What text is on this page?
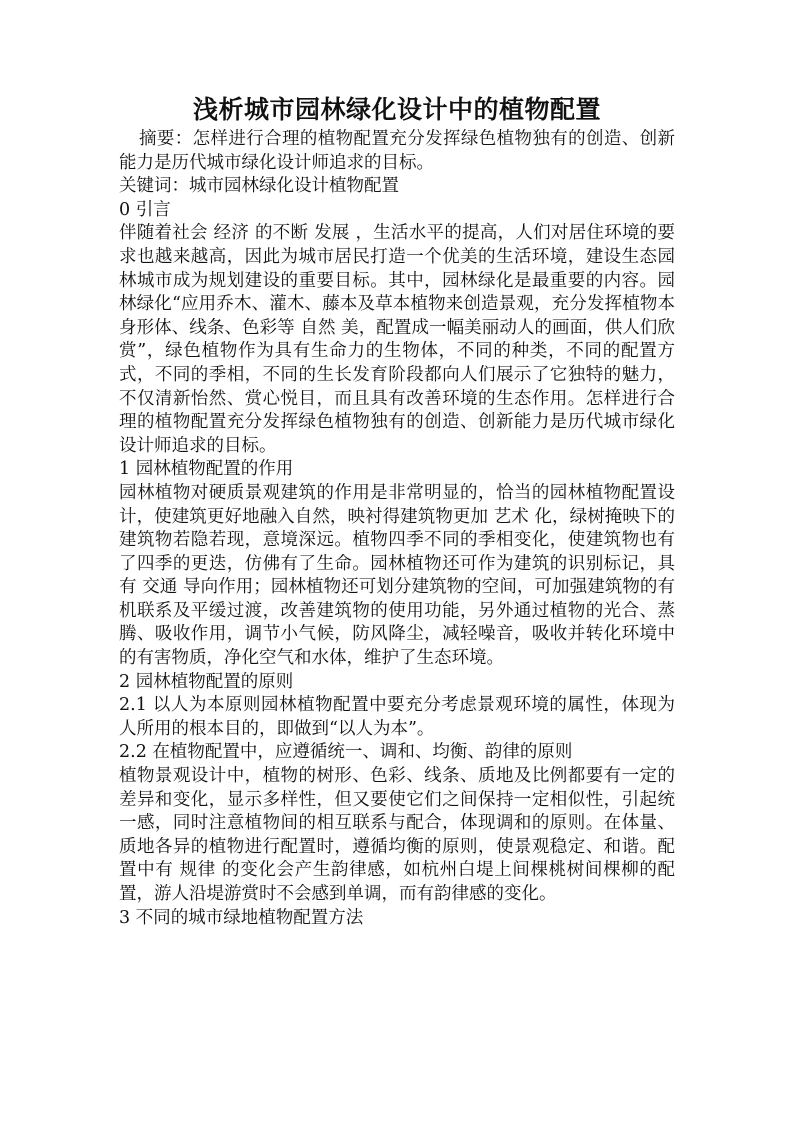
浅析城市园林绿化设计中的植物配置

摘要：怎样进行合理的植物配置充分发挥绿色植物独有的创造、创新能力是历代城市绿化设计师追求的目标。

关键词：城市园林绿化设计植物配置

0 引言

伴随着社会 经济 的不断 发展 ，生活水平的提高，人们对居住环境的要求也越来越高，因此为城市居民打造一个优美的生活环境，建设生态园林城市成为规划建设的重要目标。其中，园林绿化是最重要的内容。园林绿化“应用乔木、灌木、藤本及草本植物来创造景观，充分发挥植物本身形体、线条、色彩等 自然 美，配置成一幅美丽动人的画面，供人们欣赏”，绿色植物作为具有生命力的生物体，不同的种类，不同的配置方式，不同的季相，不同的生长发育阶段都向人们展示了它独特的魅力，不仅清新怡然、赏心悦目，而且具有改善环境的生态作用。怎样进行合理的植物配置充分发挥绿色植物独有的创造、创新能力是历代城市绿化设计师追求的目标。

1 园林植物配置的作用

园林植物对硬质景观建筑的作用是非常明显的，恰当的园林植物配置设计，使建筑更好地融入自然，映衬得建筑物更加 艺术 化，绿树掩映下的建筑物若隐若现，意境深远。植物四季不同的季相变化，使建筑物也有了四季的更迭，仿佛有了生命。园林植物还可作为建筑的识别标记，具有 交通 导向作用；园林植物还可划分建筑物的空间，可加强建筑物的有机联系及平缓过渡，改善建筑物的使用功能，另外通过植物的光合、蒸腾、吸收作用，调节小气候，防风降尘，减轻噪音，吸收并转化环境中的有害物质，净化空气和水体，维护了生态环境。

2 园林植物配置的原则

2.1 以人为本原则园林植物配置中要充分考虑景观环境的属性，体现为人所用的根本目的，即做到“以人为本”。

2.2 在植物配置中，应遵循统一、调和、均衡、韵律的原则

植物景观设计中，植物的树形、色彩、线条、质地及比例都要有一定的差异和变化，显示多样性，但又要使它们之间保持一定相似性，引起统一感，同时注意植物间的相互联系与配合，体现调和的原则。在体量、质地各异的植物进行配置时，遵循均衡的原则，使景观稳定、和谐。配置中有 规律 的变化会产生韵律感，如杭州白堤上间棵桃树间棵柳的配置，游人沿堤游赏时不会感到单调，而有韵律感的变化。

3 不同的城市绿地植物配置方法
